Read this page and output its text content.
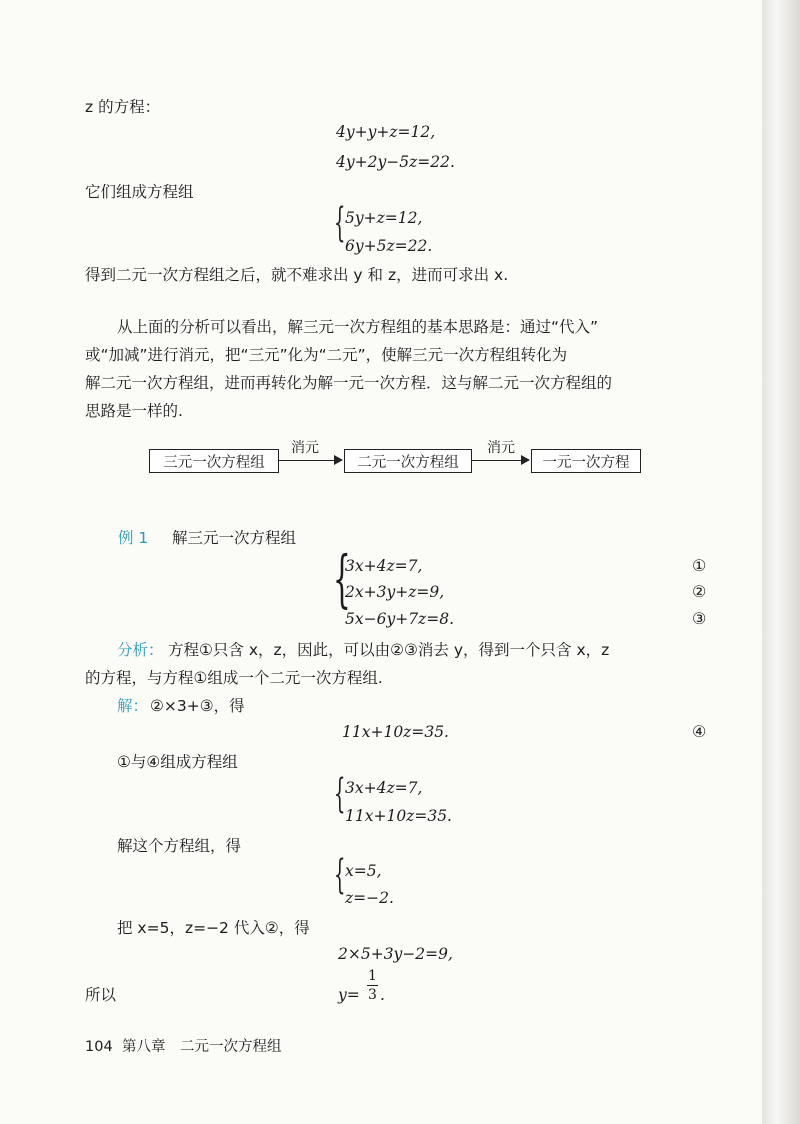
z 的方程：
4y+y+z=12,
4y+2y−5z=22.
它们组成方程组
{ 5y+z=12,
6y+5z=22.
得到二元一次方程组之后，就不难求出 y 和 z，进而可求出 x.
从上面的分析可以看出，解三元一次方程组的基本思路是：通过“代入”
或“加减”进行消元，把“三元”化为“二元”，使解三元一次方程组转化为
解二元一次方程组，进而再转化为解一元一次方程．这与解二元一次方程组的
思路是一样的.
三元一次方程组
消元
二元一次方程组
消元
一元一次方程
例 1 解三元一次方程组
{
3x+4z=7,	①
2x+3y+z=9,	②
5x−6y+7z=8.	③
分析： 方程①只含 x，z，因此，可以由②③消去 y，得到一个只含 x，z
的方程，与方程①组成一个二元一次方程组.
解： ②×3+③，得
11x+10z=35.	④
①与④组成方程组
{ 3x+4z=7,
11x+10z=35.
解这个方程组，得
{ x=5,
z=−2.
把 x=5，z=−2 代入②，得
2×5+3y−2=9,
所以	y=
1
3 .
104 第八章　二元一次方程组
